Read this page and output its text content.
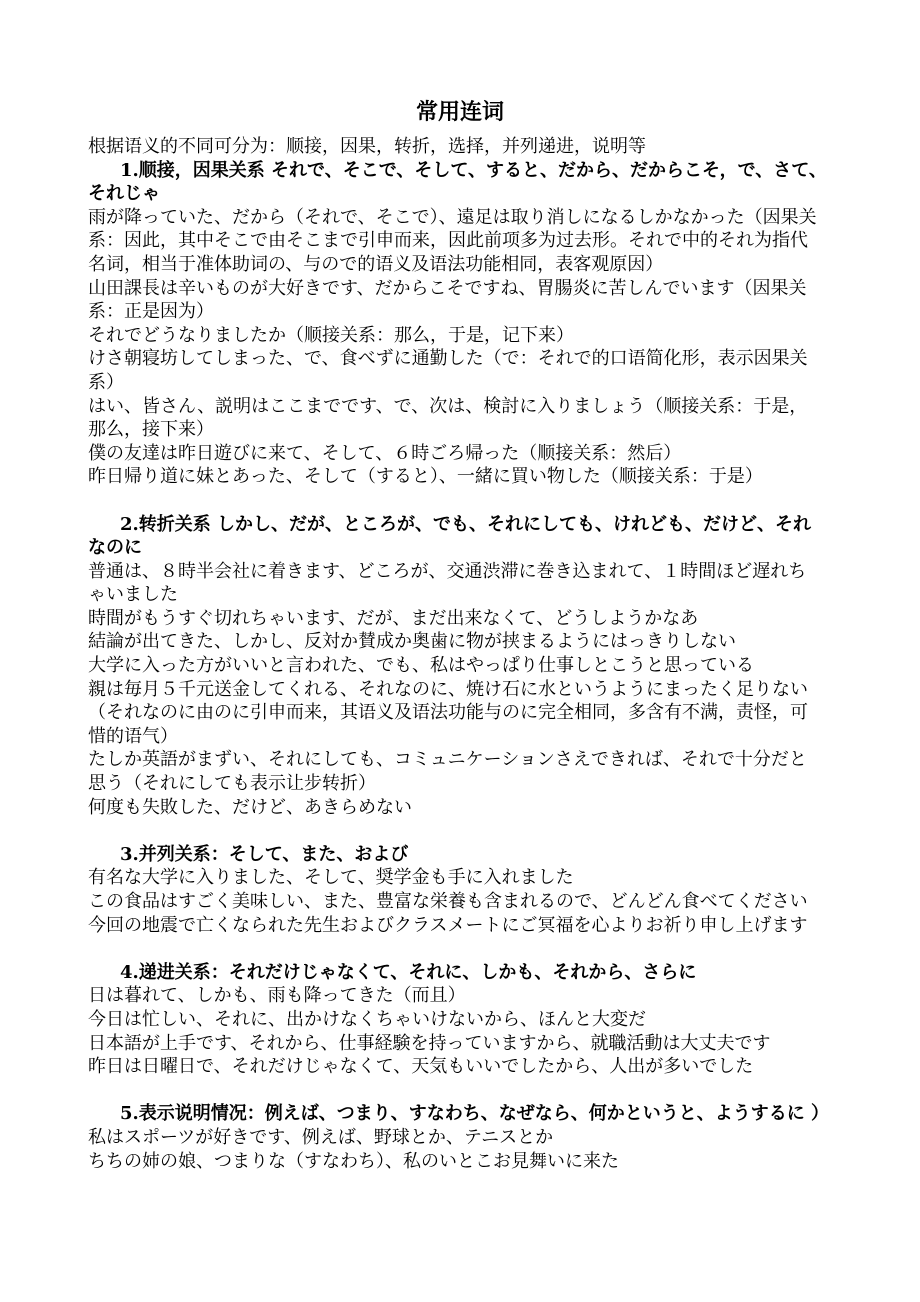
常用连词
根据语义的不同可分为：顺接，因果，转折，选择，并列递进，说明等
1.顺接，因果关系 それで、そこで、そして、すると、だから、だからこそ，で、さて、
それじゃ
雨が降っていた、だから（それで、そこで）、遠足は取り消しになるしかなかった（因果关
系：因此，其中そこで由そこまで引申而来，因此前项多为过去形。それで中的それ为指代
名词，相当于准体助词の、与ので的语义及语法功能相同，表客观原因）
山田課長は辛いものが大好きです、だからこそですね、胃腸炎に苦しんでいます（因果关
系：正是因为）
それでどうなりましたか（顺接关系：那么，于是，记下来）
けさ朝寝坊してしまった、で、食べずに通勤した（で：それで的口语简化形，表示因果关
系）
はい、皆さん、説明はここまでです、で、次は、検討に入りましょう（顺接关系：于是，
那么，接下来）
僕の友達は昨日遊びに来て、そして、６時ごろ帰った（顺接关系：然后）
昨日帰り道に妹とあった、そして（すると）、一緒に買い物した（顺接关系：于是）
2.转折关系 しかし、だが、ところが、でも、それにしても、けれども、だけど、それ
なのに
普通は、８時半会社に着きます、どころが、交通渋滞に巻き込まれて、１時間ほど遅れち
ゃいました
時間がもうすぐ切れちゃいます、だが、まだ出来なくて、どうしようかなあ
結論が出てきた、しかし、反対か賛成か奥歯に物が挟まるようにはっきりしない
大学に入った方がいいと言われた、でも、私はやっぱり仕事しとこうと思っている
親は毎月５千元送金してくれる、それなのに、焼け石に水というようにまったく足りない
（それなのに由のに引申而来，其语义及语法功能与のに完全相同，多含有不满，责怪，可
惜的语气）
たしか英語がまずい、それにしても、コミュニケーションさえできれば、それで十分だと
思う（それにしても表示让步转折）
何度も失敗した、だけど、あきらめない
3.并列关系：そして、また、および
有名な大学に入りました、そして、奨学金も手に入れました
この食品はすごく美味しい、また、豊富な栄養も含まれるので、どんどん食べてください
今回の地震で亡くなられた先生およびクラスメートにご冥福を心よりお祈り申し上げます
4.递进关系：それだけじゃなくて、それに、しかも、それから、さらに
日は暮れて、しかも、雨も降ってきた（而且）
今日は忙しい、それに、出かけなくちゃいけないから、ほんと大変だ
日本語が上手です、それから、仕事経験を持っていますから、就職活動は大丈夫です
昨日は日曜日で、それだけじゃなくて、天気もいいでしたから、人出が多いでした
5.表示说明情况：例えば、つまり、すなわち、なぜなら、何かというと、ようするに ）
私はスポーツが好きです、例えば、野球とか、テニスとか
ちちの姉の娘、つまりな（すなわち）、私のいとこお見舞いに来た
